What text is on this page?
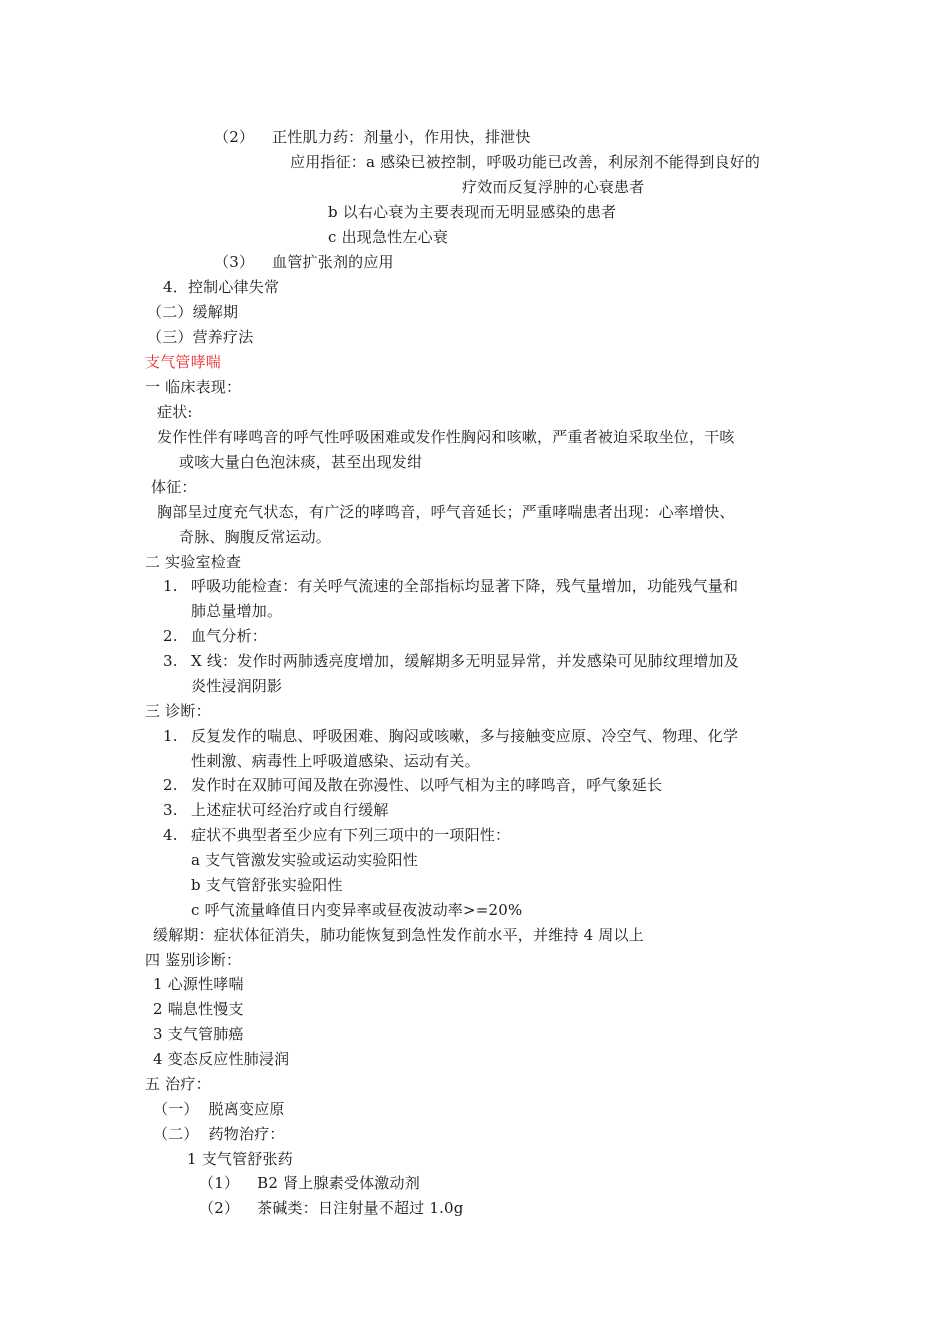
（2） 正性肌力药：剂量小，作用快，排泄快
应用指征：a 感染已被控制，呼吸功能已改善，利尿剂不能得到良好的
疗效而反复浮肿的心衰患者
b 以右心衰为主要表现而无明显感染的患者
c 出现急性左心衰
（3） 血管扩张剂的应用
4．控制心律失常
（二）缓解期
（三）营养疗法
支气管哮喘
一 临床表现：
症状:
发作性伴有哮鸣音的呼气性呼吸困难或发作性胸闷和咳嗽，严重者被迫采取坐位，干咳
或咳大量白色泡沫痰，甚至出现发绀
体征：
胸部呈过度充气状态，有广泛的哮鸣音，呼气音延长；严重哮喘患者出现：心率增快、
奇脉、胸腹反常运动。
二 实验室检查
1. 呼吸功能检查：有关呼气流速的全部指标均显著下降，残气量增加，功能残气量和
肺总量增加。
2. 血气分析：
3. X 线：发作时两肺透亮度增加，缓解期多无明显异常，并发感染可见肺纹理增加及
炎性浸润阴影
三 诊断：
1. 反复发作的喘息、呼吸困难、胸闷或咳嗽，多与接触变应原、冷空气、物理、化学
性刺激、病毒性上呼吸道感染、运动有关。
2. 发作时在双肺可闻及散在弥漫性、以呼气相为主的哮鸣音，呼气象延长
3. 上述症状可经治疗或自行缓解
4. 症状不典型者至少应有下列三项中的一项阳性：
a 支气管激发实验或运动实验阳性
b 支气管舒张实验阳性
c 呼气流量峰值日内变异率或昼夜波动率>=20%
缓解期：症状体征消失，肺功能恢复到急性发作前水平，并维持 4 周以上
四 鉴别诊断：
1 心源性哮喘
2 喘息性慢支
3 支气管肺癌
4 变态反应性肺浸润
五 治疗：
（一） 脱离变应原
（二） 药物治疗：
1 支气管舒张药
（1） B2 肾上腺素受体激动剂
（2） 茶碱类：日注射量不超过 1.0g
